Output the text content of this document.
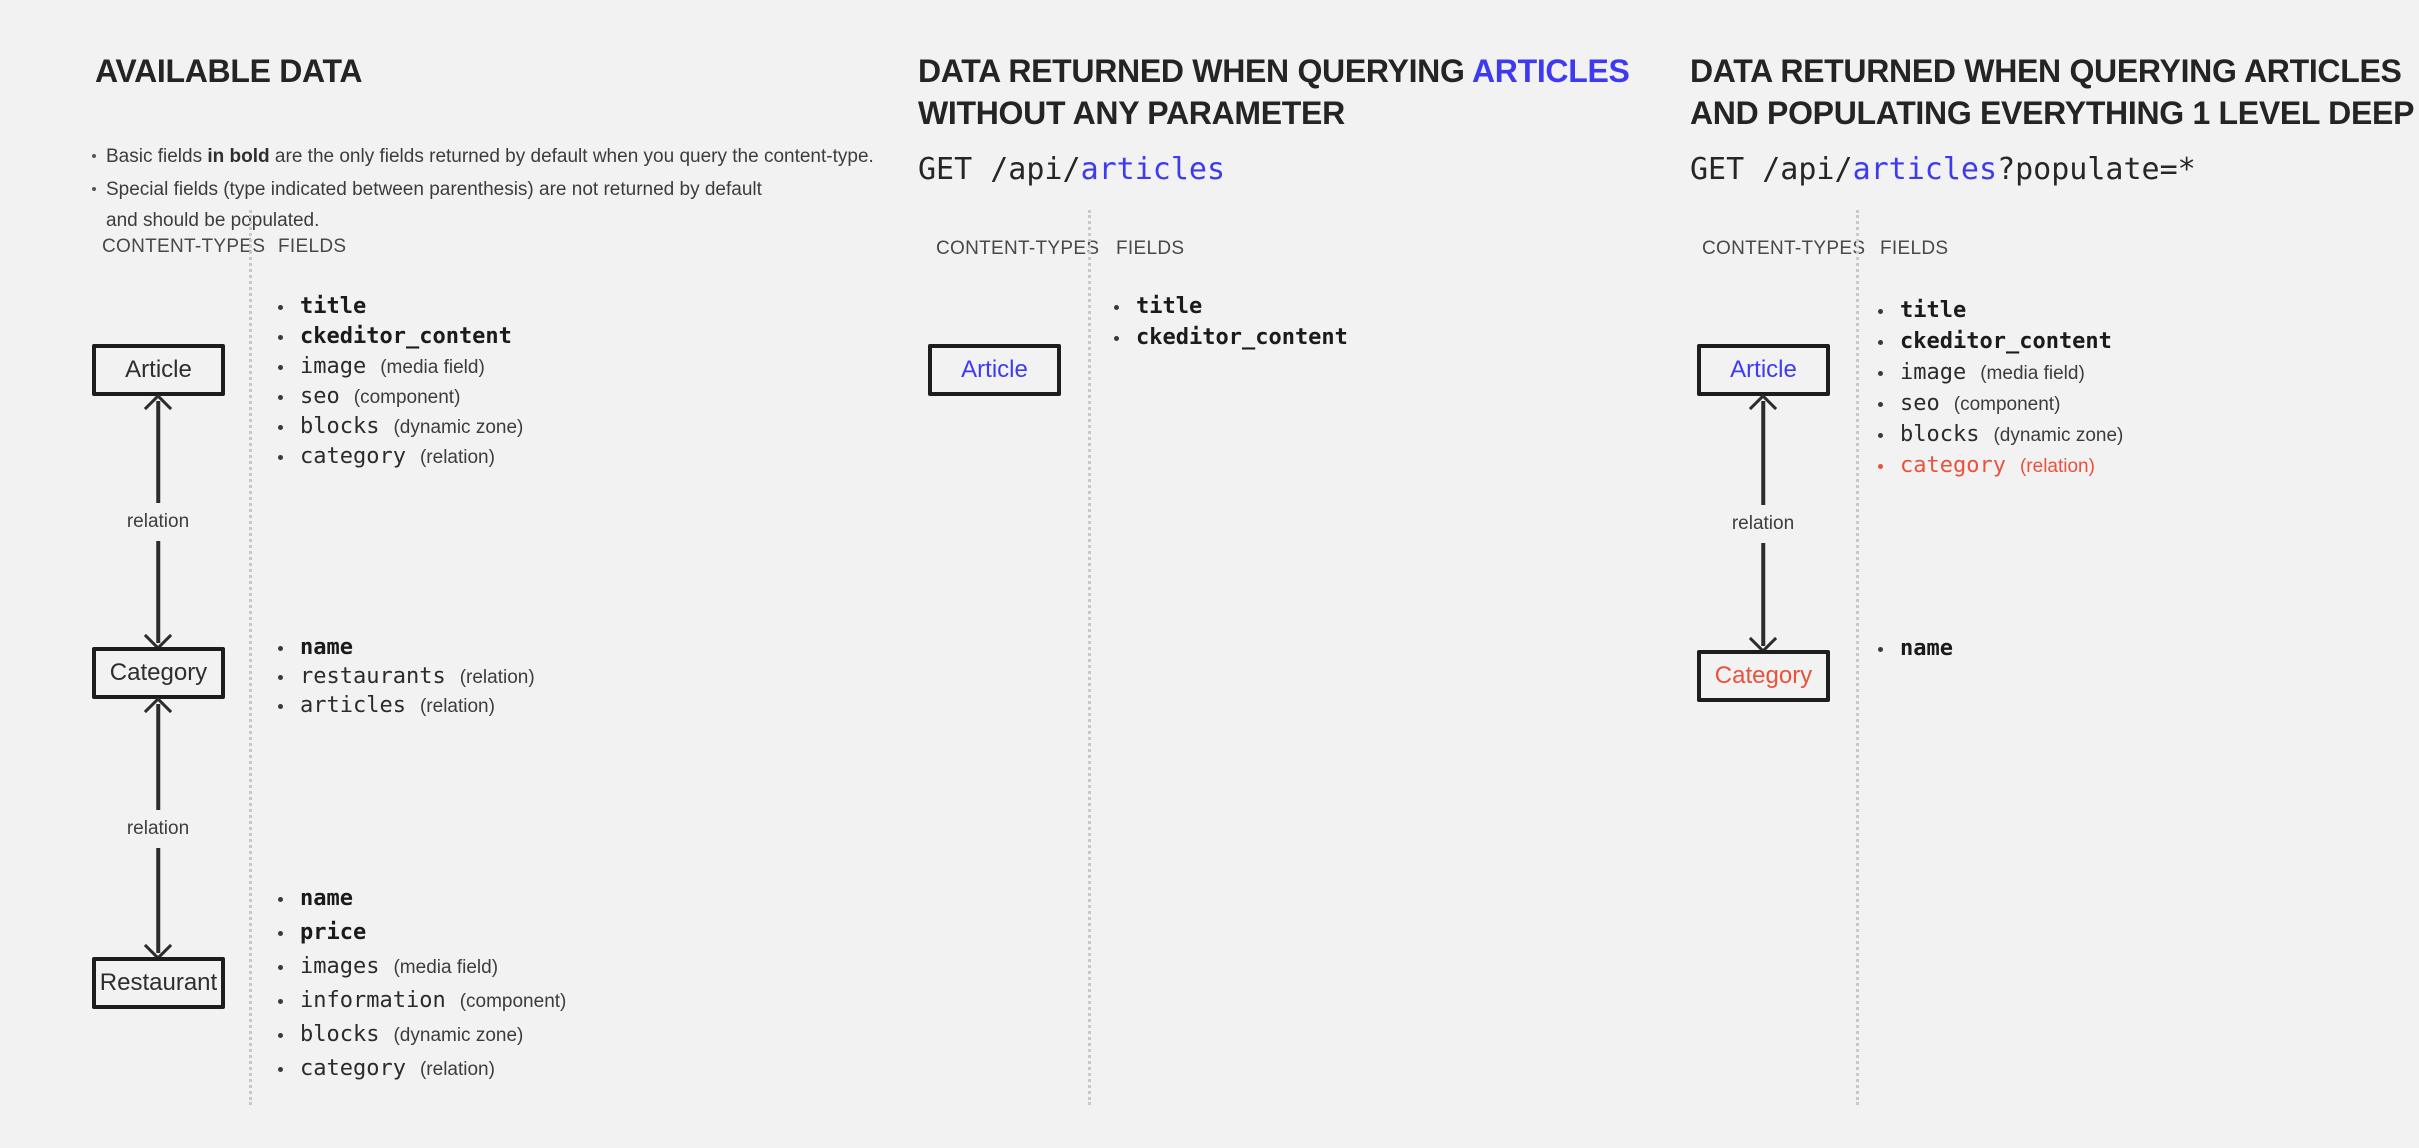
AVAILABLE DATA
Basic fields in bold are the only fields returned by default when you query the content-type.
Special fields (type indicated between parenthesis) are not returned by default
and should be populated.
CONTENT-TYPES FIELDS
Article
relation
Category
relation
Restaurant
title
ckeditor_content
image (media field)
seo (component)
blocks (dynamic zone)
category (relation)
name
restaurants (relation)
articles (relation)
name
price
images (media field)
information (component)
blocks (dynamic zone)
category (relation)
DATA RETURNED WHEN QUERYING ARTICLES
WITHOUT ANY PARAMETER
GET /api/articles
CONTENT-TYPES FIELDS
Article
title
ckeditor_content
DATA RETURNED WHEN QUERYING ARTICLES
AND POPULATING EVERYTHING 1 LEVEL DEEP
GET /api/articles?populate=*
CONTENT-TYPES FIELDS
Article
relation
Category
title
ckeditor_content
image (media field)
seo (component)
blocks (dynamic zone)
category (relation)
name
